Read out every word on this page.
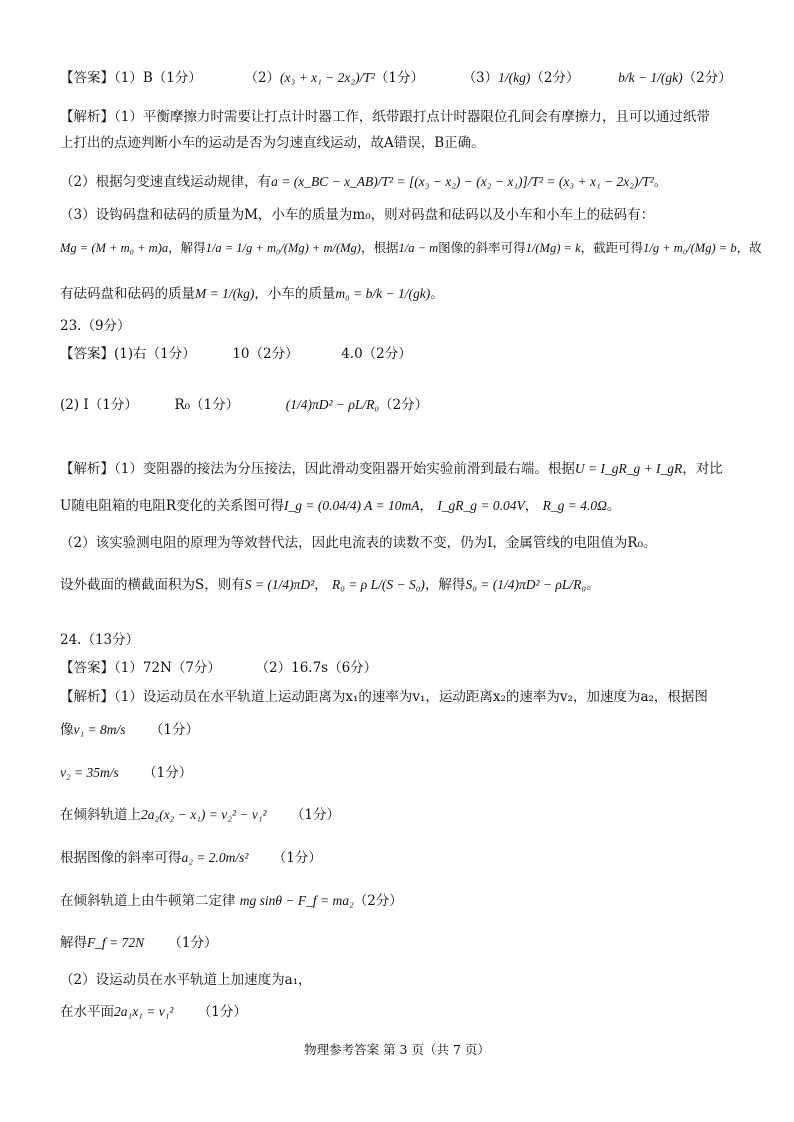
【答案】（1）B（1分）	（2）(x₃ + x₁ − 2x₂)/T²（1分）	（3）1/(kg)（2分）	b/k − 1/(gk)（2分）
【解析】（1）平衡摩擦力时需要让打点计时器工作，纸带跟打点计时器限位孔间会有摩擦力，且可以通过纸带
上打出的点迹判断小车的运动是否为匀速直线运动，故A错误，B正确。
（2）根据匀变速直线运动规律，有a = (x_BC − x_AB)/T² = [(x₃ − x₂) − (x₂ − x₁)]/T² = (x₃ + x₁ − 2x₂)/T²。
（3）设钩码盘和砝码的质量为M，小车的质量为m₀，则对码盘和砝码以及小车和小车上的砝码有：
Mg = (M + m₀ + m)a，解得1/a = 1/g + m₀/(Mg) + m/(Mg)，根据1/a − m图像的斜率可得1/(Mg) = k，截距可得1/g + m₀/(Mg) = b，故
有砝码盘和砝码的质量M = 1/(kg)，小车的质量m₀ = b/k − 1/(gk)。
23.（9分）
【答案】(1)右（1分）	10（2分）	4.0（2分）
(2) I（1分）	R₀（1分）	(1/4)πD² − ρL/R₀（2分）
【解析】（1）变阻器的接法为分压接法，因此滑动变阻器开始实验前滑到最右端。根据U = I_gR_g + I_gR，对比
U随电阻箱的电阻R变化的关系图可得I_g = (0.04/4) A = 10mA， I_gR_g = 0.04V， R_g = 4.0Ω。
（2）该实验测电阻的原理为等效替代法，因此电流表的读数不变，仍为I，金属管线的电阻值为R₀。
设外截面的横截面积为S，则有S = (1/4)πD²， R₀ = ρ L/(S − S₀)，解得S₀ = (1/4)πD² − ρL/R₀。
24.（13分）
【答案】（1）72N（7分）	（2）16.7s（6分）
【解析】（1）设运动员在水平轨道上运动距离为x₁的速率为v₁，运动距离x₂的速率为v₂，加速度为a₂，根据图
像v₁ = 8m/s （1分）
v₂ = 35m/s （1分）
在倾斜轨道上2a₂(x₂ − x₁) = v₂² − v₁² （1分）
根据图像的斜率可得a₂ = 2.0m/s² （1分）
在倾斜轨道上由牛顿第二定律 mg sinθ − F_f = ma₂（2分）
解得F_f = 72N （1分）
（2）设运动员在水平轨道上加速度为a₁，
在水平面2a₁x₁ = v₁² （1分）
物理参考答案 第 3 页（共 7 页）
